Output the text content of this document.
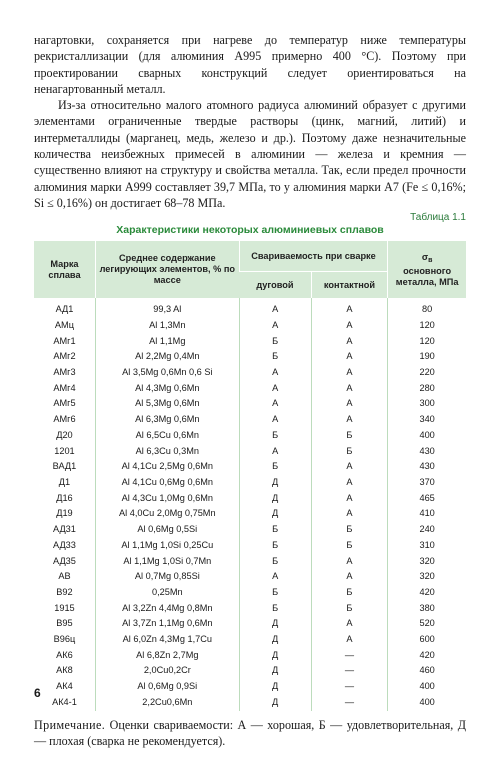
нагартовки, сохраняется при нагреве до температур ниже температуры рекристаллизации (для алюминия А995 примерно 400 °С). Поэтому при проектировании сварных конструкций следует ориентироваться на ненагартованный металл.

Из-за относительно малого атомного радиуса алюминий образует с другими элементами ограниченные твердые растворы (цинк, магний, литий) и интерметаллиды (марганец, медь, железо и др.). Поэтому даже незначительные количества неизбежных примесей в алюминии — железа и кремния — существенно влияют на структуру и свойства металла. Так, если предел прочности алюминия марки А999 составляет 39,7 МПа, то у алюминия марки А7 (Fe ≤ 0,16%; Si ≤ 0,16%) он достигает 68–78 МПа.

Таблица 1.1
Характеристики некоторых алюминиевых сплавов
Марка сплава	Среднее содержание легирующих элементов, % по массе	Свариваемость при сварке		$\sigma_в$
основного металла, МПа
		дуговой	контактной	
АД1	99,3 Al	А	А	80
АМц	Al 1,3Mn	А	А	120
АМг1	Al 1,1Mg	Б	А	120
АМг2	Al 2,2Mg 0,4Mn	Б	А	190
АМг3	Al 3,5Mg 0,6Mn 0,6 Si	А	А	220
АМг4	Al 4,3Mg 0,6Mn	А	А	280
АМг5	Al 5,3Mg 0,6Mn	А	А	300
АМг6	Al 6,3Mg 0,6Mn	А	А	340
Д20	Al 6,5Cu 0,6Mn	Б	Б	400
1201	Al 6,3Cu 0,3Mn	А	Б	430
ВАД1	Al 4,1Cu 2,5Mg 0,6Mn	Б	А	430
Д1	Al 4,1Cu 0,6Mg 0,6Mn	Д	А	370
Д16	Al 4,3Cu 1,0Mg 0,6Mn	Д	А	465
Д19	Al 4,0Cu 2,0Mg 0,75Mn	Д	А	410
АД31	Al 0,6Mg 0,5Si	Б	Б	240
АД33	Al 1,1Mg 1,0Si 0,25Cu	Б	Б	310
АД35	Al 1,1Mg 1,0Si 0,7Mn	Б	А	320
АВ	Al 0,7Mg 0,85Si	А	А	320
В92	0,25Mn	Б	Б	420
1915	Al 3,2Zn 4,4Mg 0,8Mn	Б	Б	380
В95	Al 3,7Zn 1,1Mg 0,6Mn	Д	А	520
В96ц	Al 6,0Zn 4,3Mg 1,7Cu	Д	А	600
АК6	Al 6,8Zn 2,7Mg	Д	—	420
АК8	2,0Cu0,2Cr	Д	—	460
АК4	Al 0,6Mg 0,9Si	Д	—	400
АК4-1	2,2Cu0,6Mn	Д	—	400

Примечание. Оценки свариваемости: А — хорошая, Б — удовлетворительная, Д — плохая (сварка не рекомендуется).

6
